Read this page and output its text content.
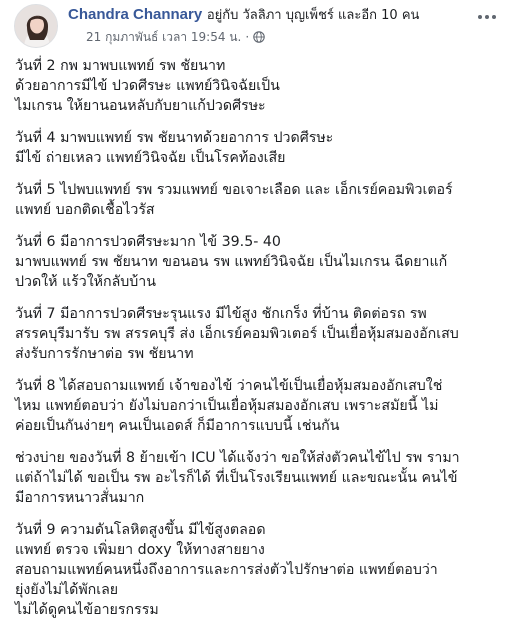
Chandra Channary อยู่กับ วัลลิภา บุญเพ็ชร์ และอีก 10 คน
21 กุมภาพันธ์ เวลา 19:54 น. ·

วันที่ 2 กพ มาพบแพทย์ รพ ชัยนาท

ด้วยอาการมีไข้ ปวดศีรษะ แพทย์วินิจฉัยเป็น

ไมเกรน ให้ยานอนหลับกับยาแก้ปวดศีรษะ

วันที่ 4 มาพบแพทย์ รพ ชัยนาทด้วยอาการ ปวดศีรษะ

มีไข้ ถ่ายเหลว แพทย์วินิจฉัย เป็นโรคท้องเสีย

วันที่ 5 ไปพบแพทย์ รพ รวมแพทย์ ขอเจาะเลือด และ เอ็กเรย์คอมพิวเตอร์

แพทย์ บอกติดเชื้อไวรัส

วันที่ 6 มีอาการปวดศีรษะมาก ไข้ 39.5- 40

มาพบแพทย์ รพ ชัยนาท ขอนอน รพ แพทย์วินิจฉัย เป็นไมเกรน ฉีดยาแก้

ปวดให้ แร้วให้กลับบ้าน

วันที่ 7 มีอาการปวดศีรษะรุนแรง มีไข้สูง ชักเกร็ง ที่บ้าน ติดต่อรถ รพ

สรรคบุรีมารับ รพ สรรคบุรี ส่ง เอ็กเรย์คอมพิวเตอร์ เป็นเยื่อหุ้มสมองอักเสบ

ส่งรับการรักษาต่อ รพ ชัยนาท

วันที่ 8 ได้สอบถามแพทย์ เจ้าของไข้ ว่าคนไข้เป็นเยื่อหุ้มสมองอักเสบใช่

ไหม แพทย์ตอบว่า ยังไม่บอกว่าเป็นเยื่อหุ้มสมองอักเสบ เพราะสมัยนี้ ไม่

ค่อยเป็นกันง่ายๆ คนเป็นเอดส์ ก็มีอาการแบบนี้ เช่นกัน

ช่วงบ่าย ของวันที่ 8 ย้ายเข้า ICU ได้แจ้งว่า ขอให้ส่งตัวคนไข้ไป รพ รามา

แต่ถ้าไม่ได้ ขอเป็น รพ อะไรก็ได้ ที่เป็นโรงเรียนแพทย์ และขณะนั้น คนไข้

มีอาการหนาวสั่นมาก

วันที่ 9 ความดันโลหิตสูงขึ้น มีไข้สูงตลอด

แพทย์ ตรวจ เพิ่มยา doxy ให้ทางสายยาง

สอบถามแพทย์คนหนึ่งถึงอาการและการส่งตัวไปรักษาต่อ แพทย์ตอบว่า

ยุ่งยังไม่ได้พักเลย

ไม่ได้ดูคนไข้อายรกรรม
